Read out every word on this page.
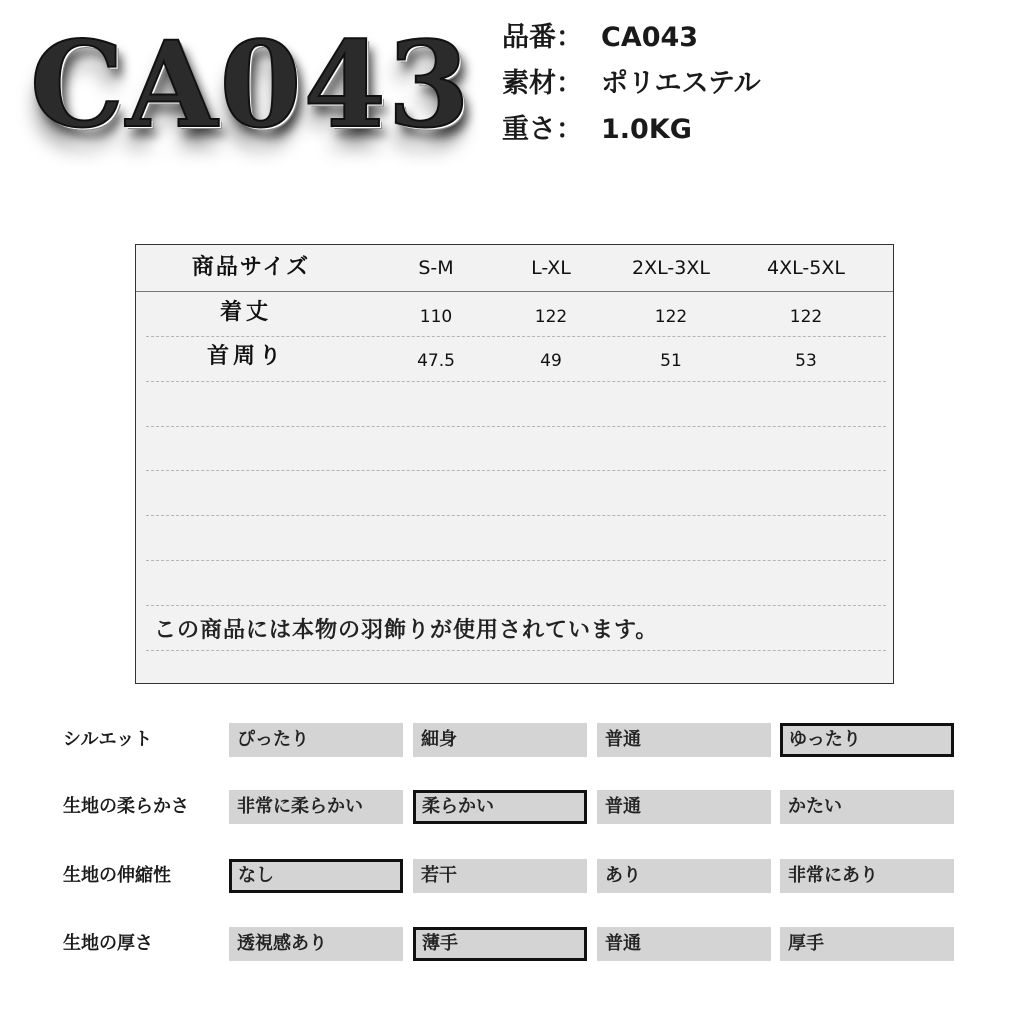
CA043 品番： CA043
素材： ポリエステル
重さ： 1.0KG
商品サイズ	S-M	L-XL	2XL-3XL	4XL-5XL
着丈	110	122	122	122
首周り	47.5	49	51	53
この商品には本物の羽飾りが使用されています。
シルエット	ぴったり	細身	普通	ゆったり
生地の柔らかさ	非常に柔らかい	柔らかい	普通	かたい
生地の伸縮性	なし	若干	あり	非常にあり
生地の厚さ	透視感あり	薄手	普通	厚手
